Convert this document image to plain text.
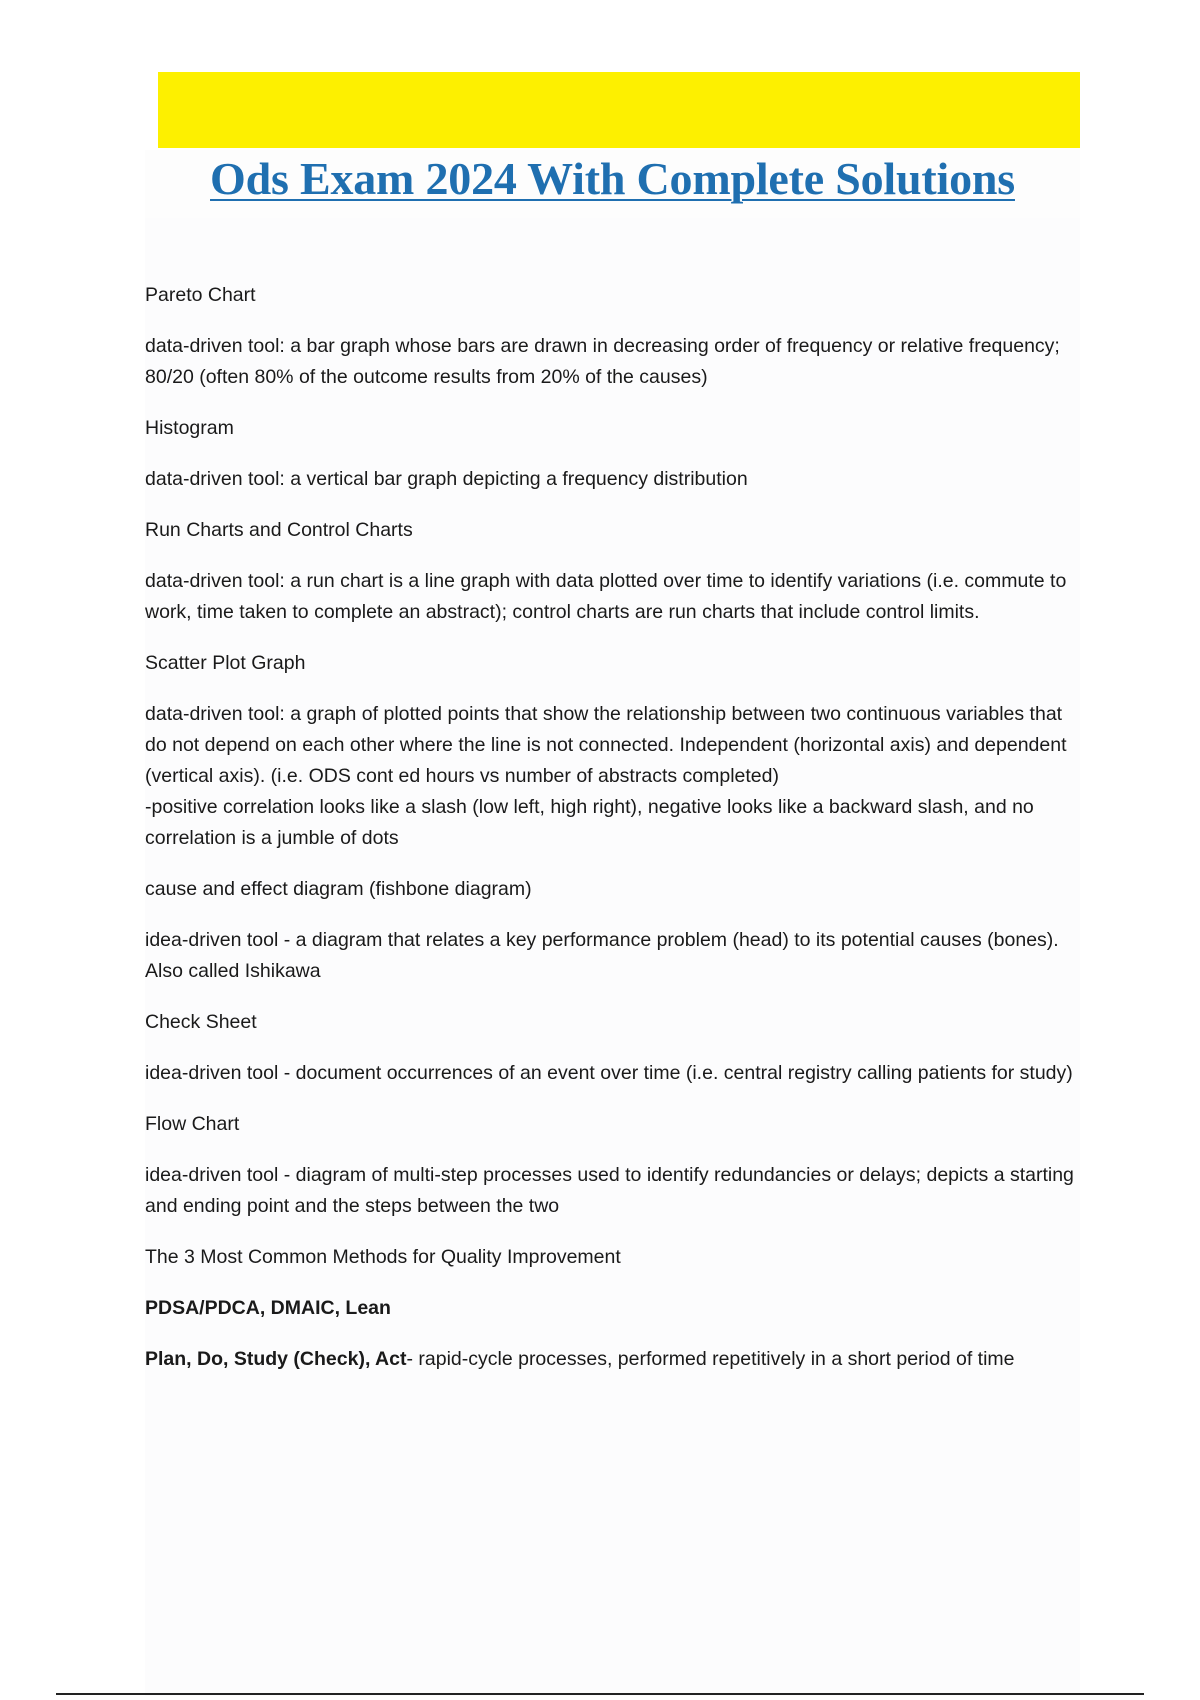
Ods Exam 2024 With Complete Solutions

Pareto Chart

data-driven tool: a bar graph whose bars are drawn in decreasing order of frequency or relative frequency; 80/20 (often 80% of the outcome results from 20% of the causes)

Histogram

data-driven tool: a vertical bar graph depicting a frequency distribution

Run Charts and Control Charts

data-driven tool: a run chart is a line graph with data plotted over time to identify variations (i.e. commute to work, time taken to complete an abstract); control charts are run charts that include control limits.

Scatter Plot Graph

data-driven tool: a graph of plotted points that show the relationship between two continuous variables that do not depend on each other where the line is not connected. Independent (horizontal axis) and dependent (vertical axis). (i.e. ODS cont ed hours vs number of abstracts completed)

-positive correlation looks like a slash (low left, high right), negative looks like a backward slash, and no correlation is a jumble of dots

cause and effect diagram (fishbone diagram)

idea-driven tool - a diagram that relates a key performance problem (head) to its potential causes (bones). Also called Ishikawa

Check Sheet

idea-driven tool - document occurrences of an event over time (i.e. central registry calling patients for study)

Flow Chart

idea-driven tool - diagram of multi-step processes used to identify redundancies or delays; depicts a starting and ending point and the steps between the two

The 3 Most Common Methods for Quality Improvement

PDSA/PDCA, DMAIC, Lean

Plan, Do, Study (Check), Act- rapid-cycle processes, performed repetitively in a short period of time
